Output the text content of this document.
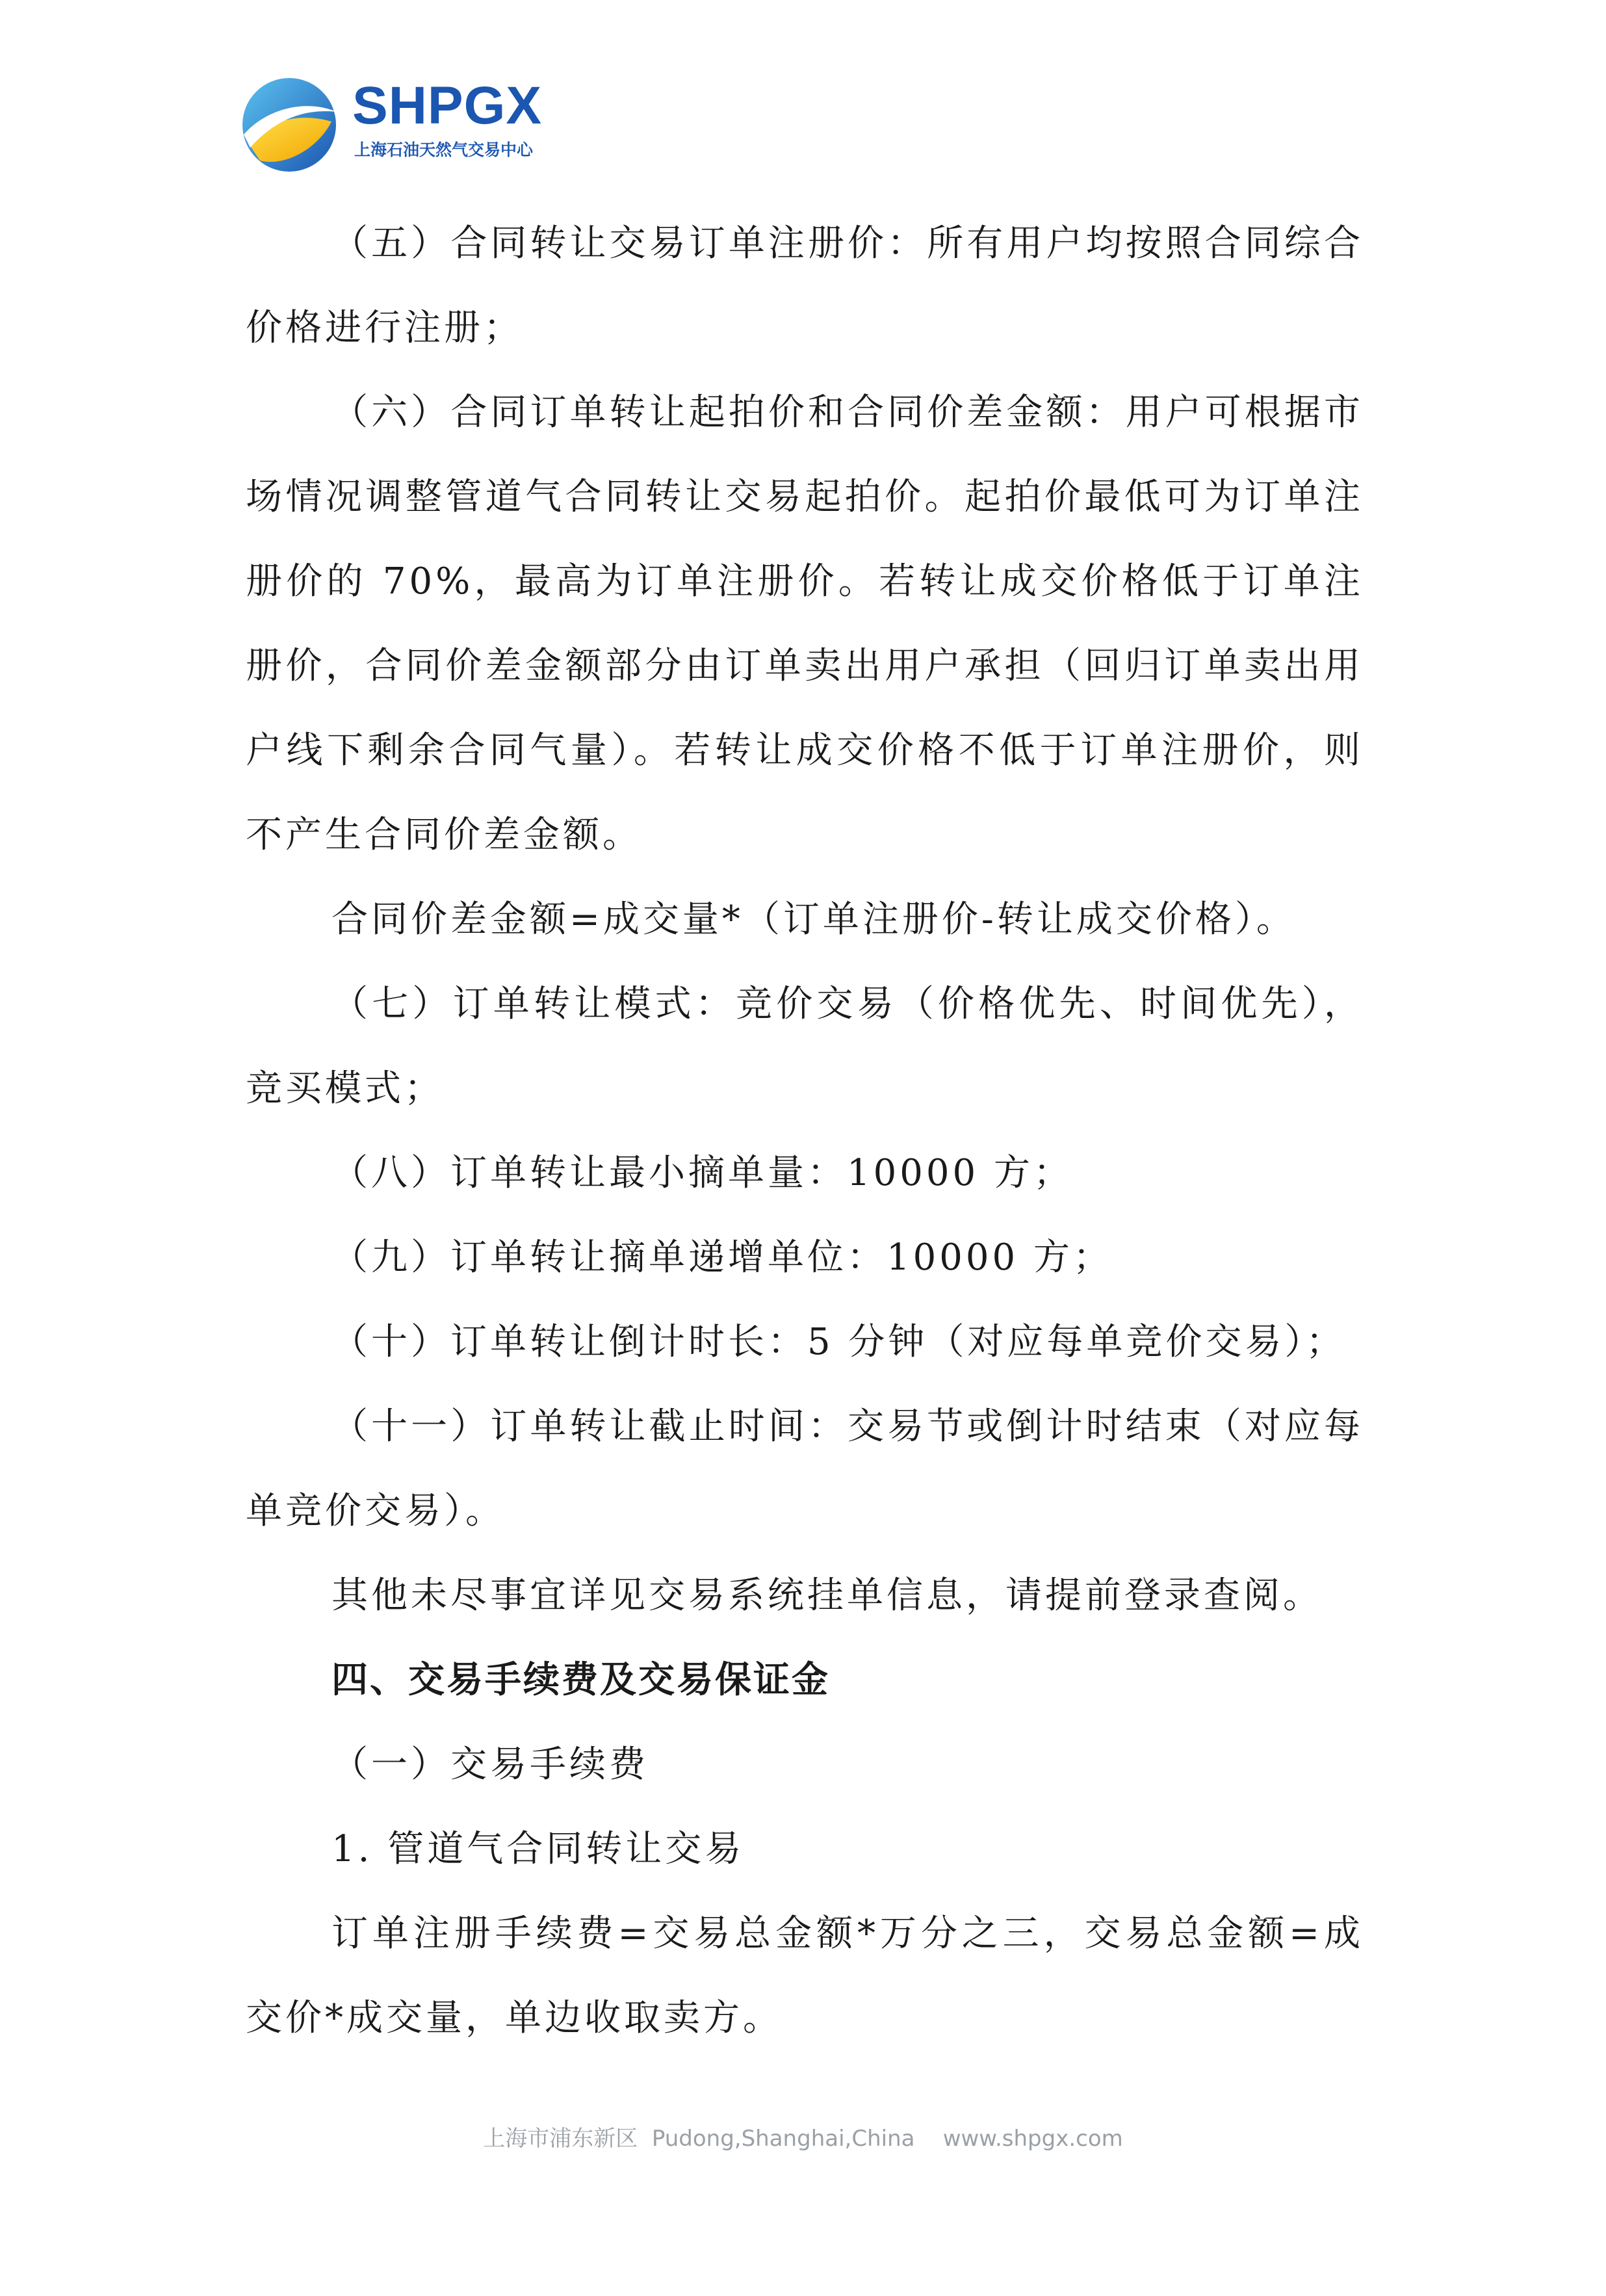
SHPGX
上海石油天然气交易中心

（五）合同转让交易订单注册价：所有用户均按照合同综合价格进行注册；

（六）合同订单转让起拍价和合同价差金额：用户可根据市场情况调整管道气合同转让交易起拍价。起拍价最低可为订单注册价的 70%，最高为订单注册价。若转让成交价格低于订单注册价，合同价差金额部分由订单卖出用户承担（回归订单卖出用户线下剩余合同气量）。若转让成交价格不低于订单注册价，则不产生合同价差金额。

合同价差金额=成交量*（订单注册价-转让成交价格）。

（七）订单转让模式：竞价交易（价格优先、时间优先），竞买模式；

（八）订单转让最小摘单量：10000 方；

（九）订单转让摘单递增单位：10000 方；

（十）订单转让倒计时长：5 分钟（对应每单竞价交易）；

（十一）订单转让截止时间：交易节或倒计时结束（对应每单竞价交易）。

其他未尽事宜详见交易系统挂单信息，请提前登录查阅。

四、交易手续费及交易保证金

（一）交易手续费

1. 管道气合同转让交易

订单注册手续费=交易总金额*万分之三，交易总金额=成交价*成交量，单边收取卖方。

上海市浦东新区  Pudong,Shanghai,China www.shpgx.com
